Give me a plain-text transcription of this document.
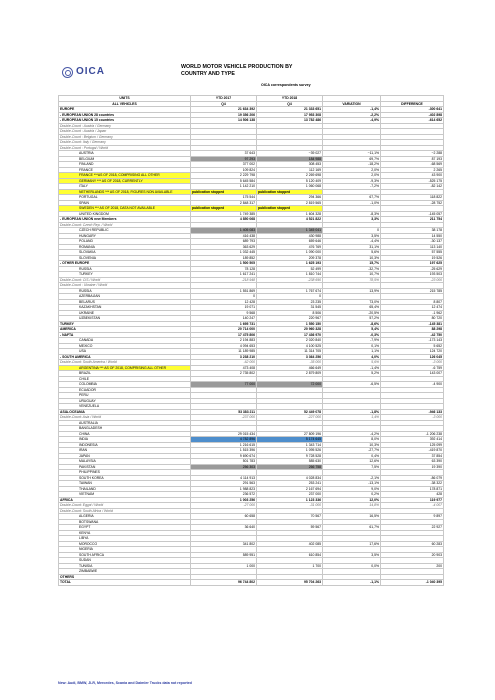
OICA	WORLD MOTOR VEHICLE PRODUCTION BY
COUNTRY AND TYPE
OICA correspondents survey
UNITS	YTD 2017	YTD 2018		
ALL VEHICLES	Q4	Q4	VARIATION	DIFFERENCE
EUROPE	21 634 392	21 333 651	-1,4%	-300 641
- EUROPEAN UNION 28 countries	19 356 206	17 953 308	-2,2%	-402 898
- EUROPEAN UNION 15 countries	14 506 138	13 782 486	-4,9%	-614 652
Double-Count : Austria / Germany				
Double-Count : Austria / Japan				
Double-Count : Belgium / Germany				
Double-Count: Italy / Germany				
Double-Count : Portugal / World				
AUSTRIA	37 643	~39 027	~11,1%	~2 288
BELGIUM	97 293	184 988	69,7%	87 193
FINLAND	377 002	308 453	-18,2%	-68 569
FRANCE	109 824	112 169	2,0%	2 265
FRANCE ***AS OF 2018, COMPRISING ALL OTHER	2 229 798	2 269 698	2,0%	43 900
GERMANY *** AS OF 2018, CURRENTLY	5 645 584	5 120 409	-9,3%	-525 175
ITALY	1 142 210	1 060 068	-7,2%	-82 142
NETHERLANDS *** AS OF 2018, FIGURES NON AVAILABLE	publication stopped	publication stopped		
PORTUGAL	175 544	294 366	67,7%	118 822
SPAIN	2 848 317	2 819 565	-1,0%	-28 752
SWEDEN *** AS OF 2018, DATA NOT AVAILABLE	publication stopped	publication stopped		
UNITED KINGDOM	1 749 385	1 604 328	-8,3%	-145 057
- EUROPEAN UNION new Members	4 850 068	4 521 822	3,3%	211 754
Double-Count: Czech Rep. / World				
CZECH REPUBLIC	1 405 083	1 345 041	0	38 178
HUNGARY	416 438	430 988	3,5%	14 550
POLAND	689 793	659 646	-4,4%	-30 137
ROMANIA	363 629	476 769	31,1%	113 140
SLOVAKIA	1 032 445	1 090 000	5,6%	57 555
SLOVENIA	189 852	209 378	10,3%	19 526
- OTHER EUROPE	1 500 505	1 625 193	15,7%	197 625
RUSSIA	78 128	52 499	-32,7%	-25 629
TURKEY	1 617 241	1 810 744	10,7%	193 503
Double-Count: CIS / World	-218 948	-238 690	78,5%	-23 000
Double-Count : Ukraine / World				
RUSSIA	1 551 869	1 767 674	13,9%	215 785
AZERBAIJAN	0	0		
BELARUS	12 428	23 235	73,0%	8 807
KAZAKHSTAN	19 071	31 545	65,4%	12 474
UKRAINE	9 568	8 506	-20,5%	-1 962
UZBEKISTAN	140 247	220 967	57,2%	80 720
TURKEY	1 695 731	1 550 150	-8,6%	-145 381
AMERICA	20 714 000	20 960 328	5,4%	88 298
- NAFTA	17 475 806	17 436 970	-0,3%	-42 750
CANADA	2 194 883	2 020 840	-7,9%	-173 143
MEXICO	4 094 653	4 100 525	0,1%	5 652
USA	11 189 985	11 314 705	1,1%	124 720
- SOUTH AMERICA	3 238 210	3 364 256	4,0%	126 045
Double-Count: South America / World	-62 000	-35 000	5,6%	-3 000
ARGENTINA *** AS OF 2018, COMPRISING ALL OTHER	473 408	466 649	-1,4%	-6 759
BRAZIL	2 735 802	2 879 809	5,2%	143 007
CHILE				
COLOMBIA	77 000	72 000	-6,5%	-4 900
ECUADOR				
PERU				
URUGUAY				
VENEZUELA				
ASIA-OCEANIA	53 383 211	52 449 078	-1,8%	-946 133
Double-Count: Asia / World	-237 000	-227 000	1,4%	-3 000
AUSTRALIA				
BANGLADESH				
CHINA	29 015 434	27 809 196	-4,2%	-1 206 238
INDIA	4 782 896	5 174 645	8,0%	392 414
INDONESIA	1 216 615	1 343 714	10,3%	125 099
IRAN	1 515 396	1 095 526	-27,7%	-419 870
JAPAN	9 690 674	9 728 528	0,4%	37 854
MALAYSIA	501 783	585 630	12,6%	63 390
PAKISTAN	256 303	266 758	7,5%	19 390
PHILIPPINES				
SOUTH KOREA	4 114 913	4 028 834	-2,1%	-86 079
TAIWAN	291 563	253 241	-13,1%	-38 322
THAILAND	1 988 823	2 167 694	9,0%	178 871
VIETNAM	236 572	237 000	0,2%	428
AFRICA	1 003 256	1 123 336	12,0%	119 977
Double-Count: Egypt / World	-27 000	-31 000	14,8%	-4 007
Double-Count: South Africa / World				
ALGERIA	60 658	70 567	16,5%	9 897
BOTSWANA				
EGYPT	36 640	59 567	61,7%	22 927
KENYA				
LIBYA				
MOROCCO	341 802	402 085	17,6%	60 283
NIGERIA				
SOUTH AFRICA	589 951	610 854	3,5%	20 903
SUDAN				
TUNISIA	1 000	1 700	0,0%	200
ZIMBABWE				
OTHERS				
TOTAL	96 744 802	95 704 263	-1,1%	-1 040 395
New: Audi, BMW, JLR, Mercedes, Scania and Daimler Trucks data not reported
